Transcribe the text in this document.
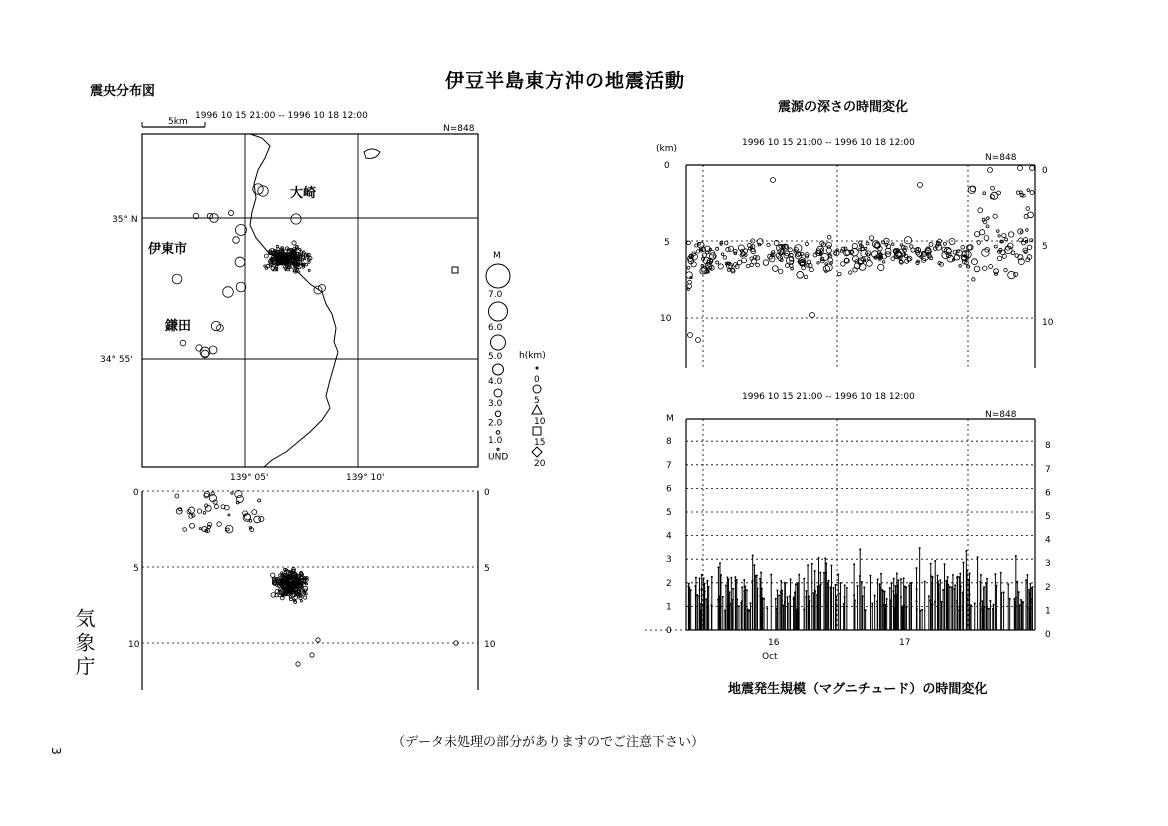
伊豆半島東方沖の地震活動
震央分布図
震源の深さの時間変化
地震発生規模（マグニチュード）の時間変化
（データ未処理の部分がありますのでご注意下さい）
気象庁
3
1996 10 15 21:00 -- 1996 10 18 12:00
5km
N=848
35° N
34° 55'
139° 05'	139° 10'
大崎
伊東市
鎌田
M
7.0
6.0
5.0
4.0
3.0
2.0
1.0
UND
h(km)
0
5
10
15
20
0
5
10
0
5
10
1996 10 15 21:00 -- 1996 10 18 12:00
(km)
N=848
0
5
10
0
5
10
1996 10 15 21:00 -- 1996 10 18 12:00
N=848
M
0	0
1	1
2	2
3	3
4	4
5	5
6	6
7	7
8	8
16	17
Oct
